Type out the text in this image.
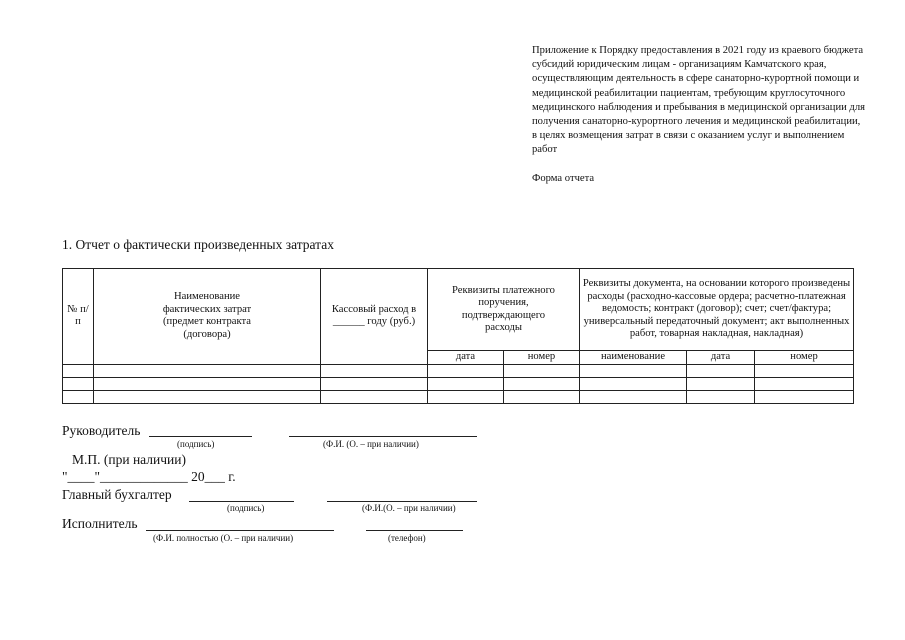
Приложение к Порядку предоставления в 2021 году из краевого бюджета субсидий юридическим лицам - организациям Камчатского края, осуществляющим деятельность в сфере санаторно-курортной помощи и медицинской реабилитации пациентам, требующим круглосуточного медицинского наблюдения и пребывания в медицинской организации для получения санаторно-курортного лечения и медицинской реабилитации, в целях возмещения затрат в связи с оказанием услуг и выполнением работ
Форма отчета
1. Отчет о фактически произведенных затратах
№ п/п	Наименование фактических затрат (предмет контракта (договора)	Кассовый расход в ______ году (руб.)	Реквизиты платежного поручения, подтверждающего расходы		Реквизиты документа, на основании которого произведены расходы (расходно-кассовые ордера; расчетно-платежная ведомость; контракт (договор); счет; счет/фактура; универсальный передаточный документ; акт выполненных работ, товарная накладная, накладная)		
			дата	номер	наименование	дата	номер

Руководитель
(подпись)	(Ф.И. (О. – при наличии)
М.П. (при наличии)
"____"_____________ 20___ г.
Главный бухгалтер
(подпись)	(Ф.И.(О. – при наличии)
Исполнитель
(Ф.И. полностью (О. – при наличии)	(телефон)
